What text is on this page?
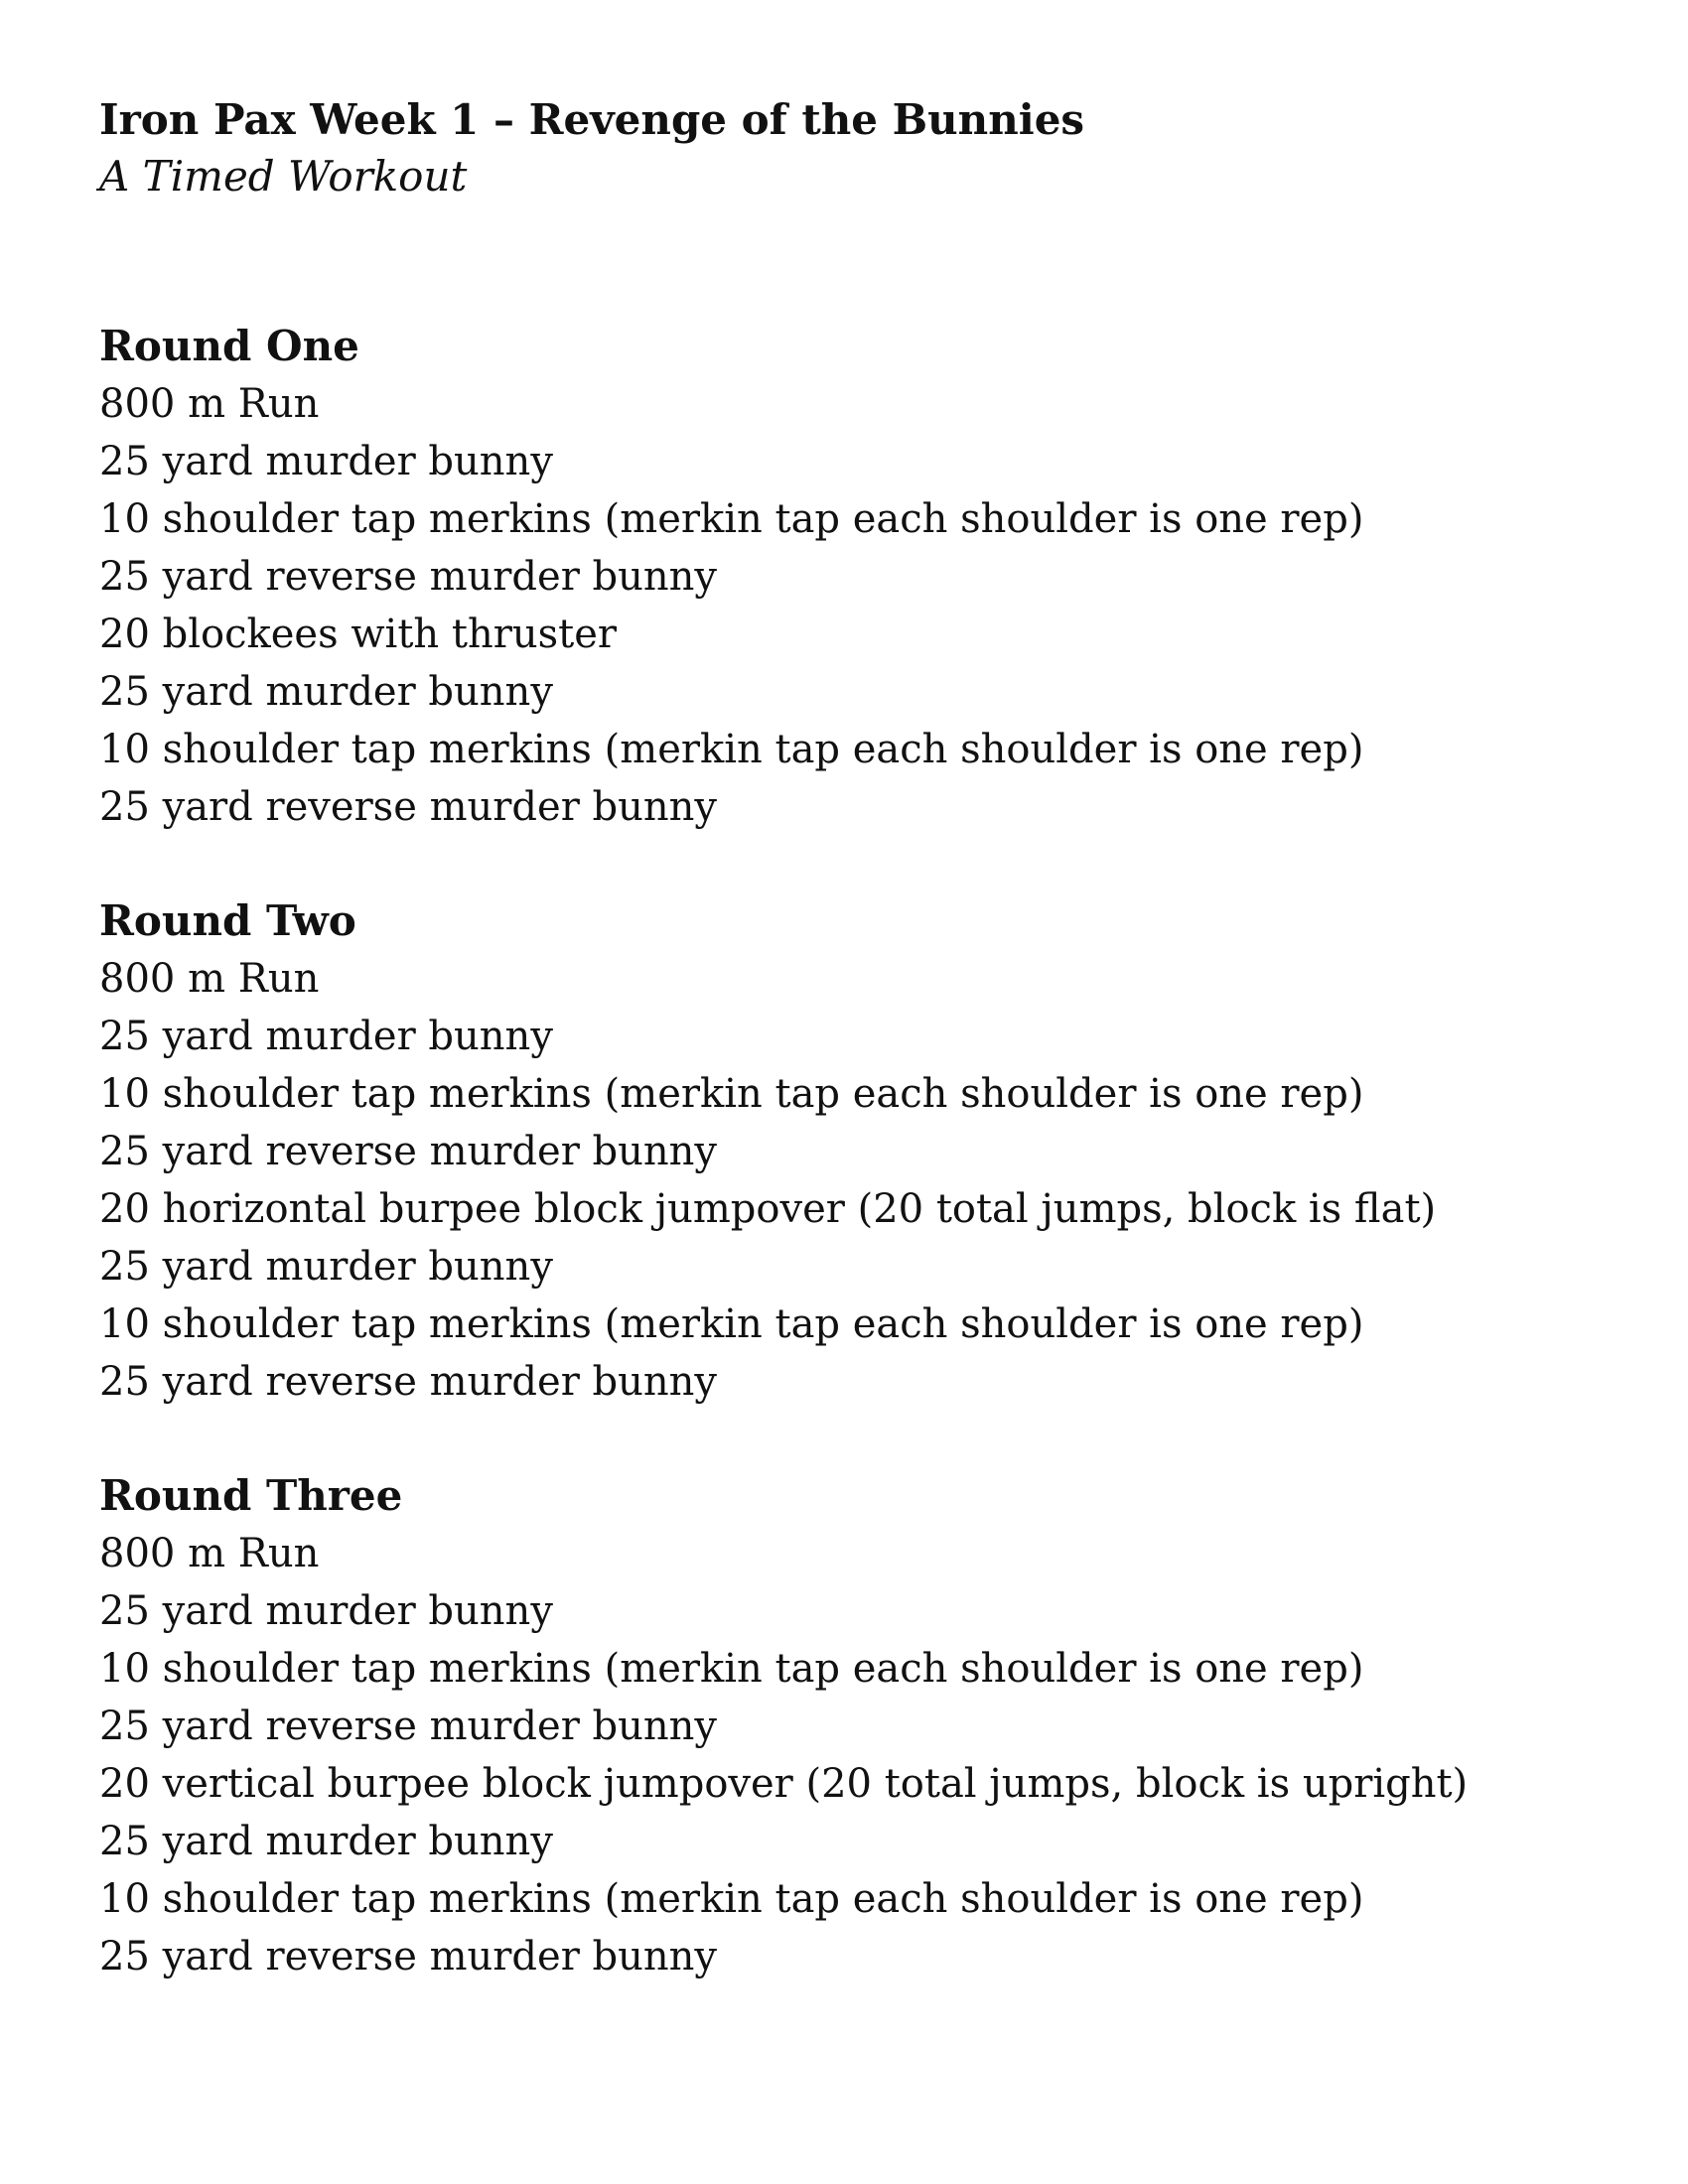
Iron Pax Week 1 – Revenge of the Bunnies
A Timed Workout
Round One
800 m Run
25 yard murder bunny
10 shoulder tap merkins (merkin tap each shoulder is one rep)
25 yard reverse murder bunny
20 blockees with thruster
25 yard murder bunny
10 shoulder tap merkins (merkin tap each shoulder is one rep)
25 yard reverse murder bunny
Round Two
800 m Run
25 yard murder bunny
10 shoulder tap merkins (merkin tap each shoulder is one rep)
25 yard reverse murder bunny
20 horizontal burpee block jumpover (20 total jumps, block is flat)
25 yard murder bunny
10 shoulder tap merkins (merkin tap each shoulder is one rep)
25 yard reverse murder bunny
Round Three
800 m Run
25 yard murder bunny
10 shoulder tap merkins (merkin tap each shoulder is one rep)
25 yard reverse murder bunny
20 vertical burpee block jumpover (20 total jumps, block is upright)
25 yard murder bunny
10 shoulder tap merkins (merkin tap each shoulder is one rep)
25 yard reverse murder bunny
